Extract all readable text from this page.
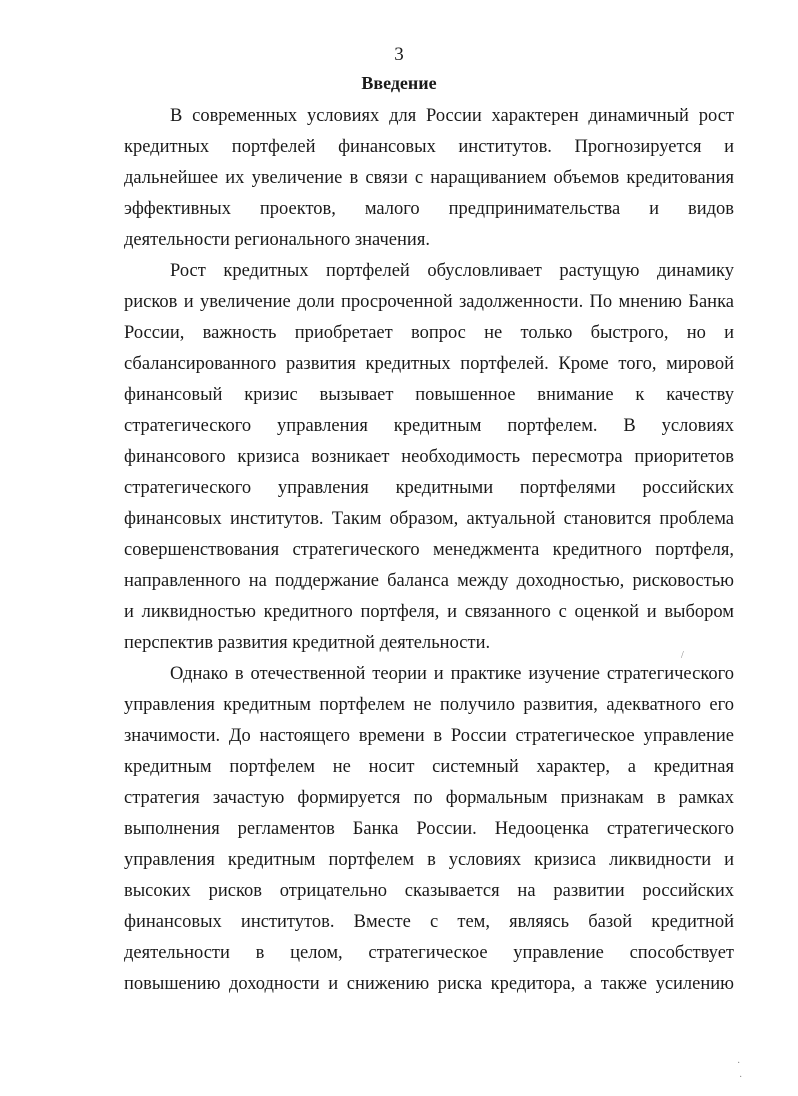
3
Введение
В современных условиях для России характерен динамичный рост
кредитных портфелей финансовых институтов. Прогнозируется и
дальнейшее их увеличение в связи с наращиванием объемов кредитования
эффективных проектов, малого предпринимательства и видов
деятельности регионального значения.
Рост кредитных портфелей обусловливает растущую динамику
рисков и увеличение доли просроченной задолженности. По мнению Банка
России, важность приобретает вопрос не только быстрого, но и
сбалансированного развития кредитных портфелей. Кроме того, мировой
финансовый кризис вызывает повышенное внимание к качеству
стратегического управления кредитным портфелем. В условиях
финансового кризиса возникает необходимость пересмотра приоритетов
стратегического управления кредитными портфелями российских
финансовых институтов. Таким образом, актуальной становится проблема
совершенствования стратегического менеджмента кредитного портфеля,
направленного на поддержание баланса между доходностью, рисковостью
и ликвидностью кредитного портфеля, и связанного с оценкой и выбором
перспектив развития кредитной деятельности.
Однако в отечественной теории и практике изучение стратегического
управления кредитным портфелем не получило развития, адекватного его
значимости. До настоящего времени в России стратегическое управление
кредитным портфелем не носит системный характер, а кредитная
стратегия зачастую формируется по формальным признакам в рамках
выполнения регламентов Банка России. Недооценка стратегического
управления кредитным портфелем в условиях кризиса ликвидности и
высоких рисков отрицательно сказывается на развитии российских
финансовых институтов. Вместе с тем, являясь базой кредитной
деятельности в целом, стратегическое управление способствует
повышению доходности и снижению риска кредитора, а также усилению
/
·
·
